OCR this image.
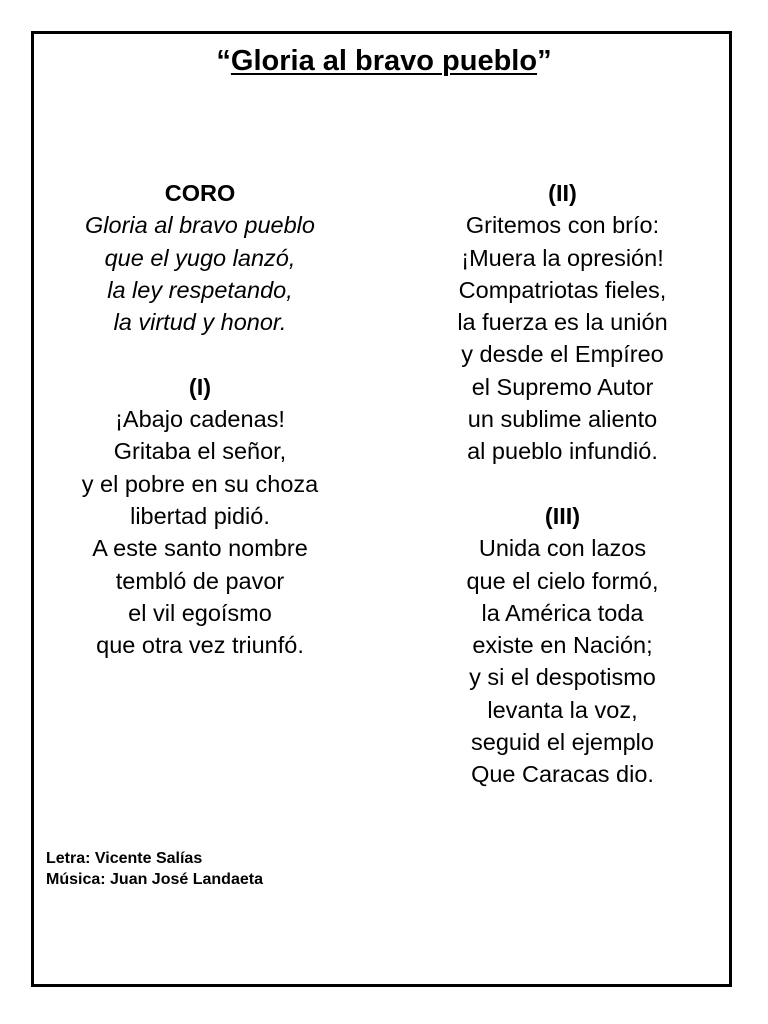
“Gloria al bravo pueblo”
CORO
Gloria al bravo pueblo
que el yugo lanzó,
la ley respetando,
la virtud y honor.
(I)
¡Abajo cadenas!
Gritaba el señor,
y el pobre en su choza
libertad pidió.
A este santo nombre
tembló de pavor
el vil egoísmo
que otra vez triunfó.
(II)
Gritemos con brío:
¡Muera la opresión!
Compatriotas fieles,
la fuerza es la unión
y desde el Empíreo
el Supremo Autor
un sublime aliento
al pueblo infundió.
(III)
Unida con lazos
que el cielo formó,
la América toda
existe en Nación;
y si el despotismo
levanta la voz,
seguid el ejemplo
Que Caracas dio.
Letra: Vicente Salías
Música: Juan José Landaeta
